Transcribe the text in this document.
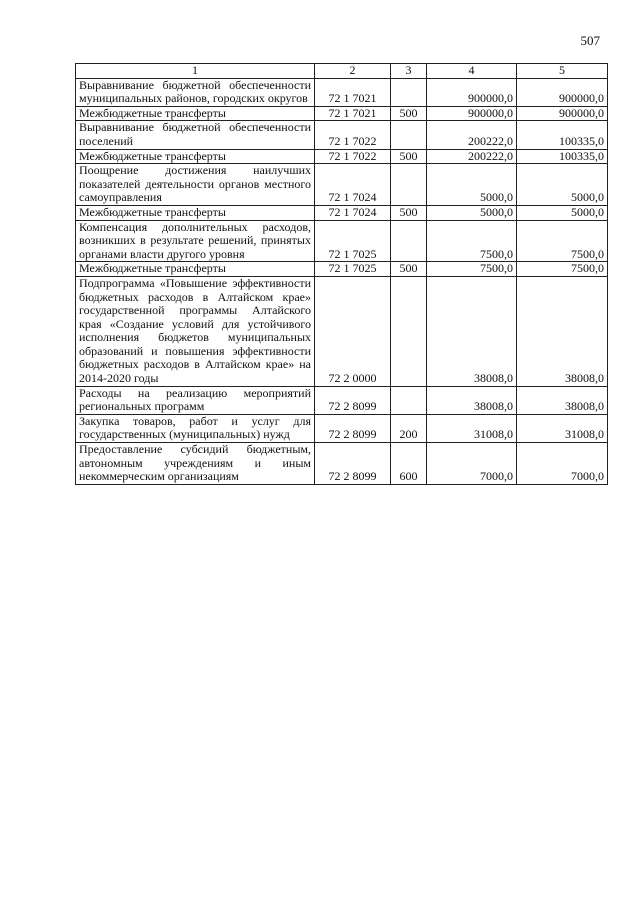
507
1	2	3	4	5
Выравнивание бюджетной обеспеченности муниципальных районов, городских округов	72 1 7021		900000,0	900000,0
Межбюджетные трансферты	72 1 7021	500	900000,0	900000,0
Выравнивание бюджетной обеспеченности поселений	72 1 7022		200222,0	100335,0
Межбюджетные трансферты	72 1 7022	500	200222,0	100335,0
Поощрение достижения наилучших показателей деятельности органов местного самоуправления	72 1 7024		5000,0	5000,0
Межбюджетные трансферты	72 1 7024	500	5000,0	5000,0
Компенсация дополнительных расходов, возникших в результате решений, принятых органами власти другого уровня	72 1 7025		7500,0	7500,0
Межбюджетные трансферты	72 1 7025	500	7500,0	7500,0
Подпрограмма «Повышение эффективности бюджетных расходов в Алтайском крае» государственной программы Алтайского края «Создание условий для устойчивого исполнения бюджетов муниципальных образований и повышения эффективности бюджетных расходов в Алтайском крае» на 2014-2020 годы	72 2 0000		38008,0	38008,0
Расходы на реализацию мероприятий региональных программ	72 2 8099		38008,0	38008,0
Закупка товаров, работ и услуг для государственных (муниципальных) нужд	72 2 8099	200	31008,0	31008,0
Предоставление субсидий бюджетным, автономным учреждениям и иным некоммерческим организациям	72 2 8099	600	7000,0	7000,0
